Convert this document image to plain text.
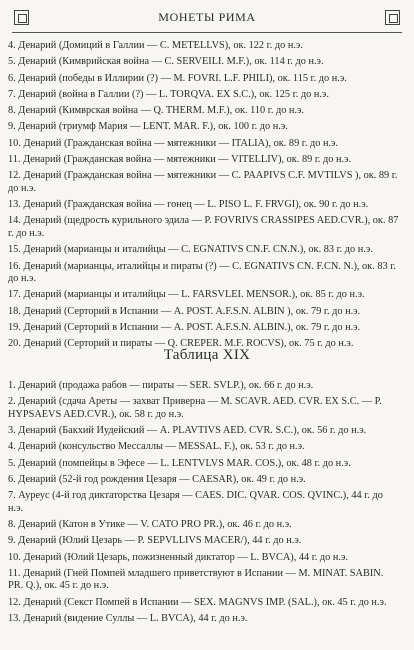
МОНЕТЫ РИМА

4. Денарий (Домиций в Галлии — C. METELLVS), ок. 122 г. до н.э.

5. Денарий (Кимврийская война — C. SERVEILI. M.F.), ок. 114 г. до н.э.

6. Денарий (победы в Иллирии (?) — M. FOVRI. L.F. PHILI), ок. 115 г. до н.э.

7. Денарий (война в Галлии (?) — L. TORQVA. EX S.C.), ок. 125 г. до н.э.

8. Денарий (Кимврская война — Q. THERM. M.F.), ок. 110 г. до н.э.

9. Денарий (триумф Мария — LENT. MAR. F.), ок. 100 г. до н.э.

10. Денарий (Гражданская война — мятежники — ITALIA), ок. 89 г. до н.э.

11. Денарий (Гражданская война — мятежники — VITELLIV), ок. 89 г. до н.э.

12. Денарий (Гражданская война — мятежники — C. PAAPIVS C.F. MVTILVS ), ок. 89 г. до н.э.

13. Денарий (Гражданская война — гонец — L. PISO L. F. FRVGI), ок. 90 г. до н.э.

14. Денарий (щедрость курильного эдила — P. FOVRIVS CRASSIPES AED.CVR.), ок. 87 г. до н.э.

15. Денарий (марианцы и италийцы — C. EGNATIVS CN.F. CN.N.), ок. 83 г. до н.э.

16. Денарий (марианцы, италийцы и пираты (?) — C. EGNATIVS CN. F.CN. N.), ок. 83 г. до н.э.

17. Денарий (марианцы и италийцы — L. FARSVLEI. MENSOR.), ок. 85 г. до н.э.

18. Денарий (Серторий в Испании — A. POST. A.F.S.N. ALBIN ), ок. 79 г. до н.э.

19. Денарий (Серторий в Испании — A. POST. A.F.S.N. ALBIN.), ок. 79 г. до н.э.

20. Денарий (Серторий и пираты — Q. CREPER. M.F. ROCVS), ок. 75 г. до н.э.

Таблица XIX

1. Денарий (продажа рабов — пираты — SER. SVLP.), ок. 66 г. до н.э.

2. Денарий (сдача Ареты — захват Приверна — M. SCAVR. AED. CVR. EX S.C. — P. HYPSAEVS AED.CVR.), ок. 58 г. до н.э.

3. Денарий (Бакхий Иудейский — A. PLAVTIVS AED. CVR. S.C.), ок. 56 г. до н.э.

4. Денарий (консульство Мессаллы — MESSAL. F.), ок. 53 г. до н.э.

5. Денарий (помпейцы в Эфесе — L. LENTVLVS MAR. COS.), ок. 48 г. до н.э.

6. Денарий (52-й год рождения Цезаря — CAESAR), ок. 49 г. до н.э.

7. Ауреус (4-й год диктаторства Цезаря — CAES. DIC. QVAR. COS. QVINC.), 44 г. до н.э.

8. Денарий (Катон в Утике — V. CATO PRO PR.), ок. 46 г. до н.э.

9. Денарий (Юлий Цезарь — P. SEPVLLIVS MACER/), 44 г. до н.э.

10. Денарий (Юлий Цезарь, пожизненный диктатор — L. BVCA), 44 г. до н.э.

11. Денарий (Гней Помпей младшего приветствуют в Испании — M. MINAT. SABIN. PR. Q.), ок. 45 г. до н.э.

12. Денарий (Секст Помпей в Испании — SEX. MAGNVS IMP. (SAL.), ок. 45 г. до н.э.

13. Денарий (видение Суллы — L. BVCA), 44 г. до н.э.
